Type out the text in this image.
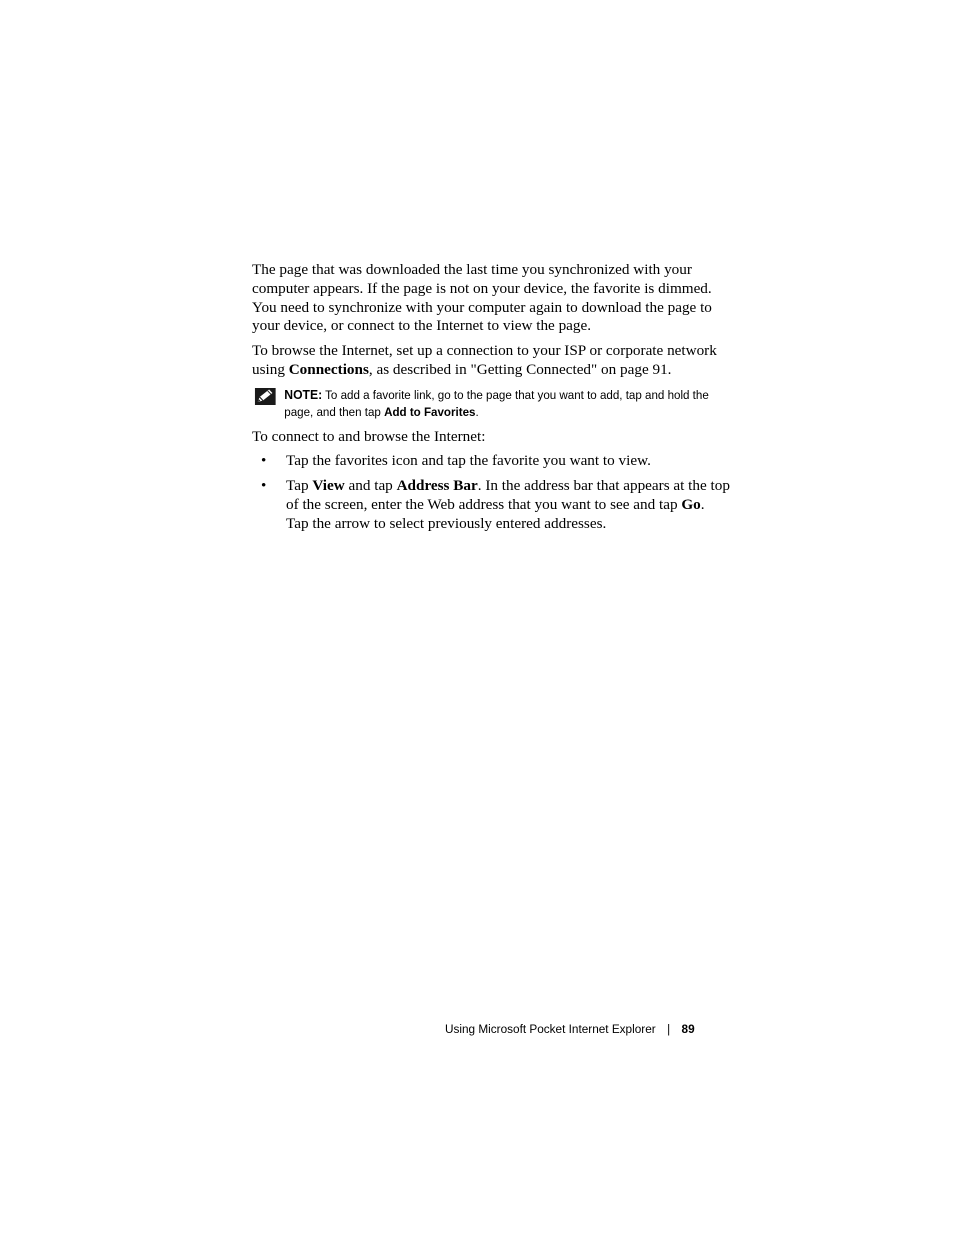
The page that was downloaded the last time you synchronized with your computer appears. If the page is not on your device, the favorite is dimmed. You need to synchronize with your computer again to download the page to your device, or connect to the Internet to view the page.

To browse the Internet, set up a connection to your ISP or corporate network using Connections, as described in "Getting Connected" on page 91.

NOTE: To add a favorite link, go to the page that you want to add, tap and hold the page, and then tap Add to Favorites.

To connect to and browse the Internet:

• Tap the favorites icon and tap the favorite you want to view.
• Tap View and tap Address Bar. In the address bar that appears at the top of the screen, enter the Web address that you want to see and tap Go. Tap the arrow to select previously entered addresses.
Using Microsoft Pocket Internet Explorer | 89
